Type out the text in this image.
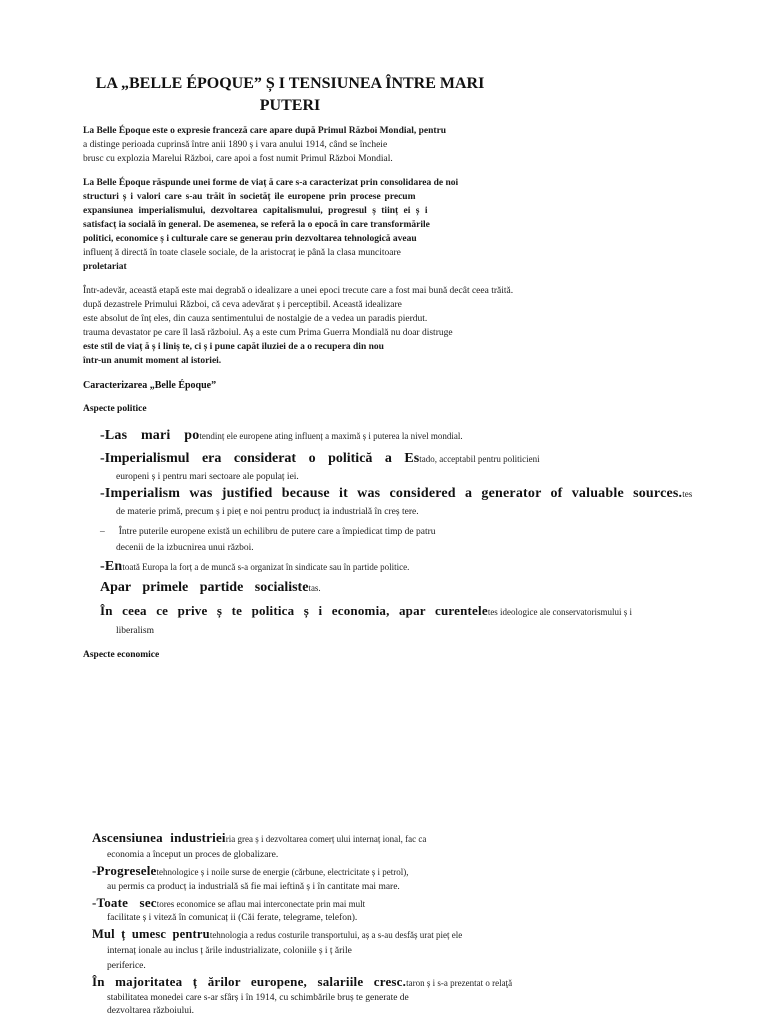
LA „BELLE ÉPOQUE” Ș I TENSIUNEA ÎNTRE MARI
PUTERI
La Belle Époque este o expresie franceză care apare după Primul Război Mondial, pentru
a distinge perioada cuprinsă între anii 1890 ș i vara anului 1914, când se încheie
brusc cu explozia Marelui Război, care apoi a fost numit Primul Război Mondial.
La Belle Époque răspunde unei forme de viaț ă care s-a caracterizat prin consolidarea de noi
structuri ș i valori care s-au trăit în societăț ile europene prin procese precum
expansiunea imperialismului, dezvoltarea capitalismului, progresul ș tiinț ei ș i
satisfacț ia socială în general. De asemenea, se referă la o epocă în care transformările
politici, economice ș i culturale care se generau prin dezvoltarea tehnologică aveau
influenț ă directă în toate clasele sociale, de la aristocraț ie până la clasa muncitoare
proletariat
Într-adevăr, această etapă este mai degrabă o idealizare a unei epoci trecute care a fost mai bună decât ceea trăită.
după dezastrele Primului Război, că ceva adevărat ș i perceptibil. Această idealizare
este absolut de înț eles, din cauza sentimentului de nostalgie de a vedea un paradis pierdut.
trauma devastator pe care îl lasă războiul. Aș a este cum Prima Guerra Mondială nu doar distruge
este stil de viaț ă ș i liniș te, ci ș i pune capăt iluziei de a o recupera din nou
într-un anumit moment al istoriei.
Caracterizarea „Belle Époque”
Aspecte politice
-Las mari potendinț ele europene ating influenț a maximă ș i puterea la nivel mondial.
-Imperialismul era considerat o politică a Estado, acceptabil pentru politicieni
europeni ș i pentru mari sectoare ale populaț iei.
-Imperialism was justified because it was considered a generator of valuable sources.tes
de materie primă, precum ș i pieț e noi pentru producț ia industrială în creș tere.
– Între puterile europene există un echilibru de putere care a împiedicat timp de patru
decenii de la izbucnirea unui război.
-Entoată Europa la forț a de muncă s-a organizat în sindicate sau în partide politice.
Apar primele partide socialistetas.
În ceea ce prive ș te politica ș i economia, apar curenteletes ideologice ale conservatorismului ș i
liberalism
Aspecte economice
Ascensiunea industrieiria grea ș i dezvoltarea comerț ului internaț ional, fac ca
economia a început un proces de globalizare.
-Progreseletehnologice ș i noile surse de energie (cărbune, electricitate ș i petrol),
au permis ca producț ia industrială să fie mai ieftină ș i în cantitate mai mare.
-Toate sectores economice se aflau mai interconectate prin mai mult
facilitate ș i viteză în comunicaț ii (Căi ferate, telegrame, telefon).
Mul ț umesc pentrutehnologia a redus costurile transportului, aș a s-au desfăș urat pieț ele
internaț ionale au inclus ț ările industrializate, coloniile ș i ț ările
periferice.
În majoritatea ț ărilor europene, salariile cresc.taron ș i s-a prezentat o relaţă
stabilitatea monedei care s-ar sfârș i în 1914, cu schimbările bruș te generate de
dezvoltarea războiului.
